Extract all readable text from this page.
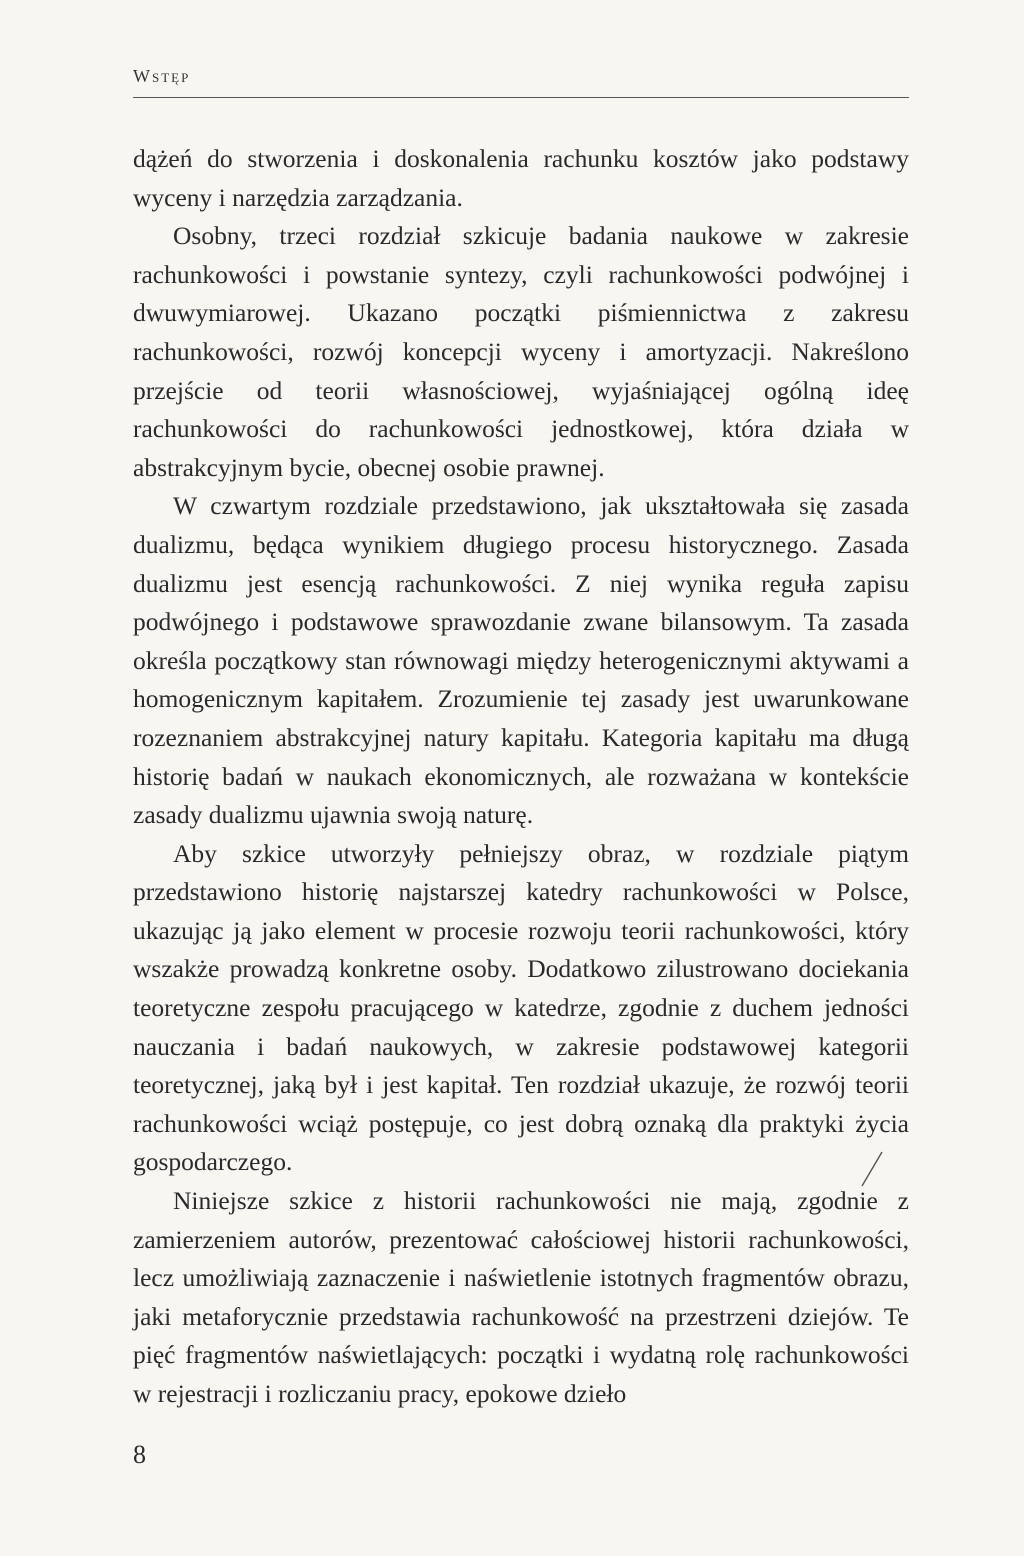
Wstęp

dążeń do stworzenia i doskonalenia rachunku kosztów jako podstawy wyceny i narzędzia zarządzania.

Osobny, trzeci rozdział szkicuje badania naukowe w zakresie rachunkowości i powstanie syntezy, czyli rachunkowości podwójnej i dwuwymiarowej. Ukazano początki piśmiennictwa z zakresu rachunkowości, rozwój koncepcji wyceny i amortyzacji. Nakreślono przejście od teorii własnościowej, wyjaśniającej ogólną ideę rachunkowości do rachunkowości jednostkowej, która działa w abstrakcyjnym bycie, obecnej osobie prawnej.

W czwartym rozdziale przedstawiono, jak ukształtowała się zasada dualizmu, będąca wynikiem długiego procesu historycznego. Zasada dualizmu jest esencją rachunkowości. Z niej wynika reguła zapisu podwójnego i podstawowe sprawozdanie zwane bilansowym. Ta zasada określa początkowy stan równowagi między heterogenicznymi aktywami a homogenicznym kapitałem. Zrozumienie tej zasady jest uwarunkowane rozeznaniem abstrakcyjnej natury kapitału. Kategoria kapitału ma długą historię badań w naukach ekonomicznych, ale rozważana w kontekście zasady dualizmu ujawnia swoją naturę.

Aby szkice utworzyły pełniejszy obraz, w rozdziale piątym przedstawiono historię najstarszej katedry rachunkowości w Polsce, ukazując ją jako element w procesie rozwoju teorii rachunkowości, który wszakże prowadzą konkretne osoby. Dodatkowo zilustrowano dociekania teoretyczne zespołu pracującego w katedrze, zgodnie z duchem jedności nauczania i badań naukowych, w zakresie podstawowej kategorii teoretycznej, jaką był i jest kapitał. Ten rozdział ukazuje, że rozwój teorii rachunkowości wciąż postępuje, co jest dobrą oznaką dla praktyki życia gospodarczego.

Niniejsze szkice z historii rachunkowości nie mają, zgodnie z zamierzeniem autorów, prezentować całościowej historii rachunkowości, lecz umożliwiają zaznaczenie i naświetlenie istotnych fragmentów obrazu, jaki metaforycznie przedstawia rachunkowość na przestrzeni dziejów. Te pięć fragmentów naświetlających: początki i wydatną rolę rachunkowości w rejestracji i rozliczaniu pracy, epokowe dzieło

8
